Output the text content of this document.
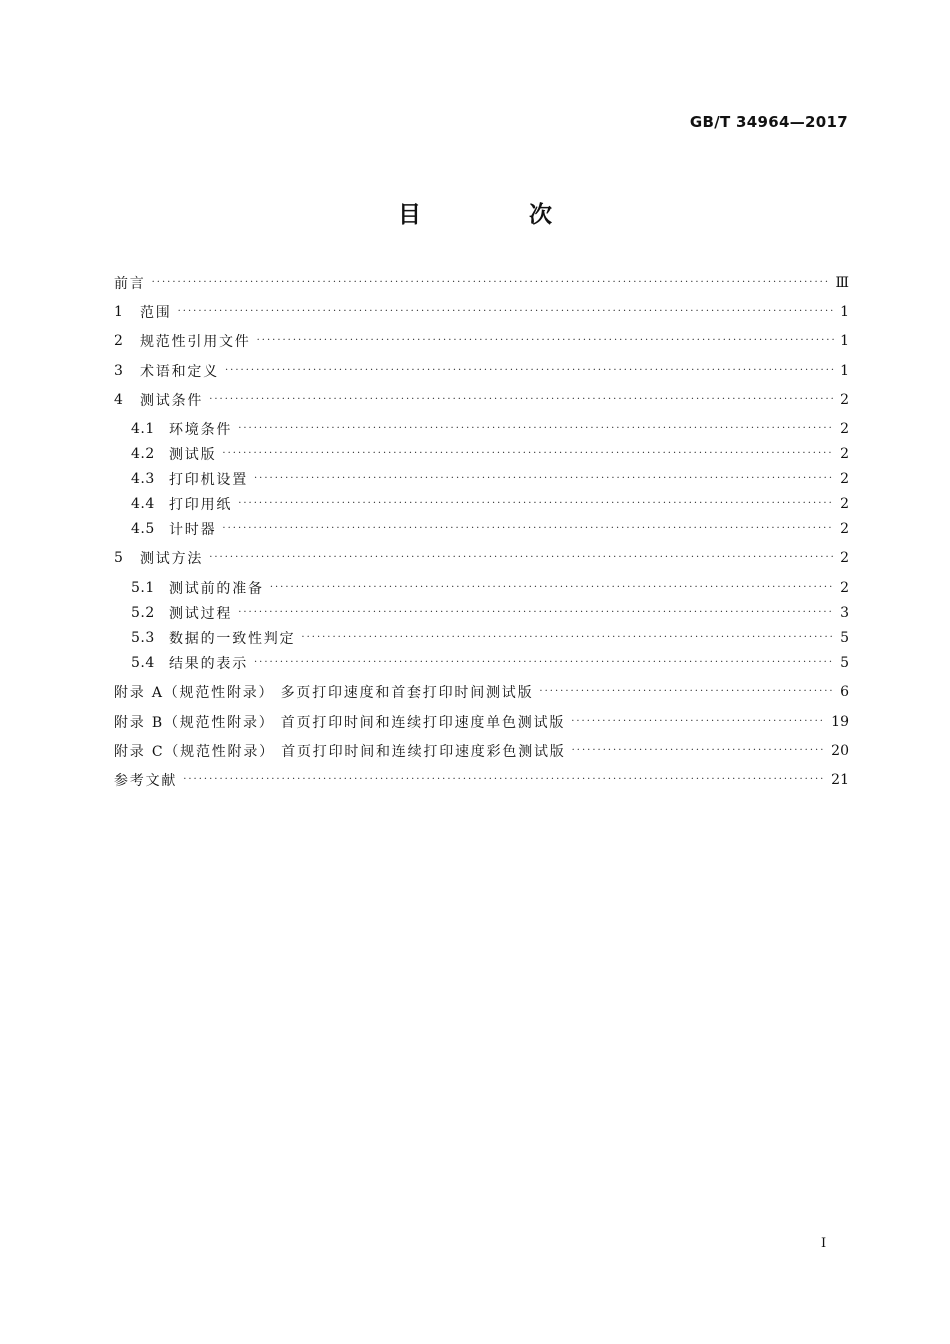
GB/T 34964—2017
目 次
前言 ·····	Ⅲ
1	范围 ·····	1
2	规范性引用文件 ·····	1
3	术语和定义 ·····	1
4	测试条件 ·····	2
4.1	环境条件 ·····	2
4.2	测试版 ·····	2
4.3	打印机设置 ·····	2
4.4	打印用纸 ·····	2
4.5	计时器 ·····	2
5	测试方法 ·····	2
5.1	测试前的准备 ·····	2
5.2	测试过程 ·····	3
5.3	数据的一致性判定 ·····	5
5.4	结果的表示 ·····	5
附录 A（规范性附录） 多页打印速度和首套打印时间测试版 ·····	6
附录 B（规范性附录） 首页打印时间和连续打印速度单色测试版 ·····	19
附录 C（规范性附录） 首页打印时间和连续打印速度彩色测试版 ·····	20
参考文献 ·····	21
I
